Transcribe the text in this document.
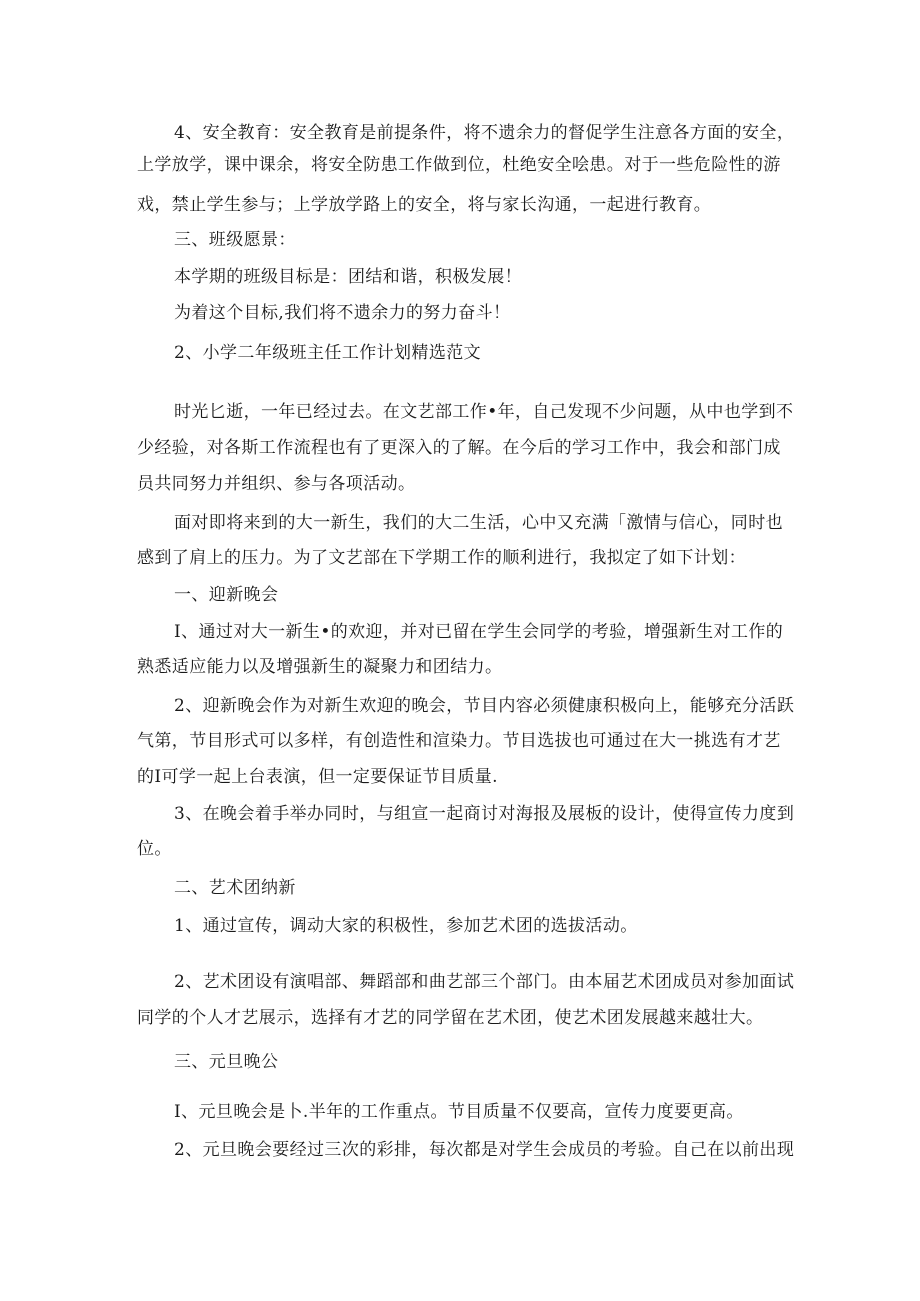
4、安全教育：安全教育是前提条件，将不遗余力的督促学生注意各方面的安全，
上学放学，课中课余，将安全防患工作做到位，杜绝安全哙患。对于一些危险性的游
戏，禁止学生参与；上学放学路上的安全，将与家长沟通，一起进行教育。
三、班级愿景：
本学期的班级目标是：团结和谐，积极发展！
为着这个目标,我们将不遗余力的努力奋斗！
2、小学二年级班主任工作计划精选范文
时光匕逝，一年已经过去。在文艺部工作•年，自己发现不少问题，从中也学到不
少经验，对各斯工作流程也有了更深入的了解。在今后的学习工作中，我会和部门成
员共同努力并组织、参与各项活动。
面对即将来到的大一新生，我们的大二生活，心中又充满「激情与信心，同时也
感到了肩上的压力。为了文艺部在下学期工作的顺利进行，我拟定了如下计划：
一、迎新晚会
I、通过对大一新生•的欢迎，并对已留在学生会同学的考验，增强新生对工作的
熟悉适应能力以及增强新生的凝聚力和团结力。
2、迎新晚会作为对新生欢迎的晚会，节目内容必须健康积极向上，能够充分活跃
气第，节目形式可以多样，有创造性和渲染力。节目选拔也可通过在大一挑选有才艺
的I可学一起上台表演，但一定要保证节目质量.
3、在晚会着手举办同时，与组宣一起商讨对海报及展板的设计，使得宣传力度到
位。
二、艺术团纳新
1、通过宣传，调动大家的积极性，参加艺术团的选拔活动。
2、艺术团设有演唱部、舞蹈部和曲艺部三个部门。由本届艺术团成员对参加面试
同学的个人才艺展示，选择有才艺的同学留在艺术团，使艺术团发展越来越壮大。
三、元旦晚公
I、元旦晚会是卜.半年的工作重点。节目质量不仅要高，宣传力度要更高。
2、元旦晚会要经过三次的彩排，每次都是对学生会成员的考验。自己在以前出现
